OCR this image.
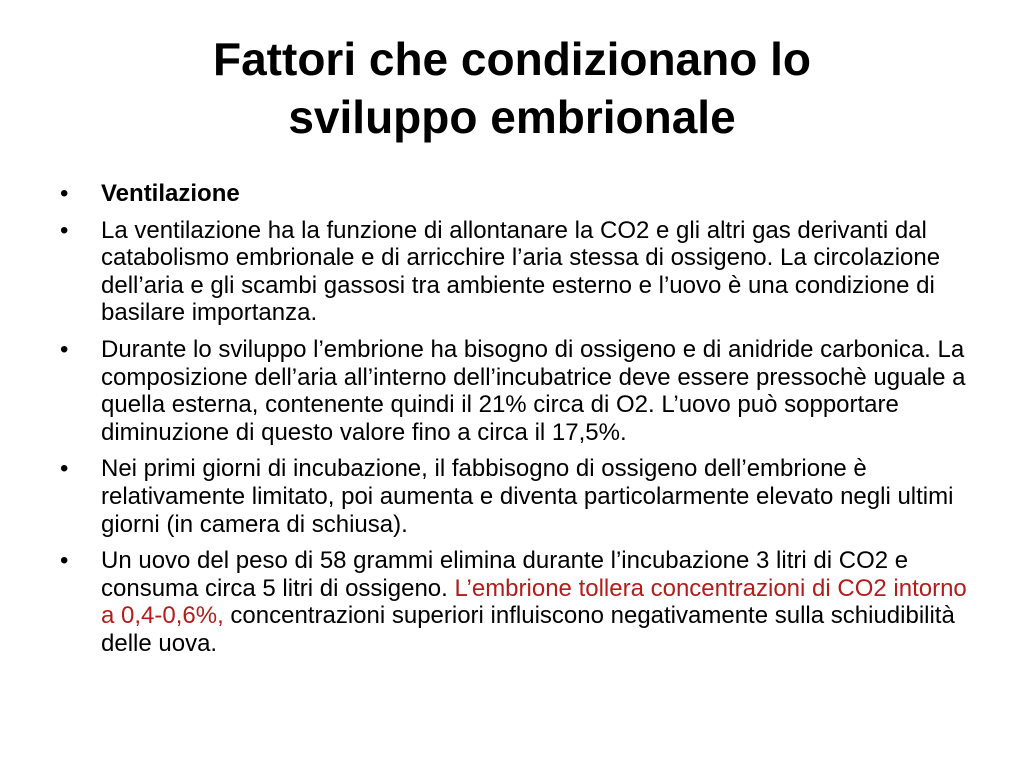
Fattori che condizionano lo
sviluppo embrionale
•	Ventilazione
•	La ventilazione ha la funzione di allontanare la CO2 e gli altri gas derivanti dal catabolismo embrionale e di arricchire l’aria stessa di ossigeno. La circolazione dell’aria e gli scambi gassosi tra ambiente esterno e l’uovo è una condizione di basilare importanza.
•	Durante lo sviluppo l’embrione ha bisogno di ossigeno e di anidride carbonica. La composizione dell’aria all’interno dell’incubatrice deve essere pressochè uguale a quella esterna, contenente quindi il 21% circa di O2. L’uovo può sopportare diminuzione di questo valore fino a circa il 17,5%.
•	Nei primi giorni di incubazione, il fabbisogno di ossigeno dell’embrione è relativamente limitato, poi aumenta e diventa particolarmente elevato negli ultimi giorni (in camera di schiusa).
•	Un uovo del peso di 58 grammi elimina durante l’incubazione 3 litri di CO2 e consuma circa 5 litri di ossigeno. L’embrione tollera concentrazioni di CO2 intorno a 0,4-0,6%, concentrazioni superiori influiscono negativamente sulla schiudibilità delle uova.
